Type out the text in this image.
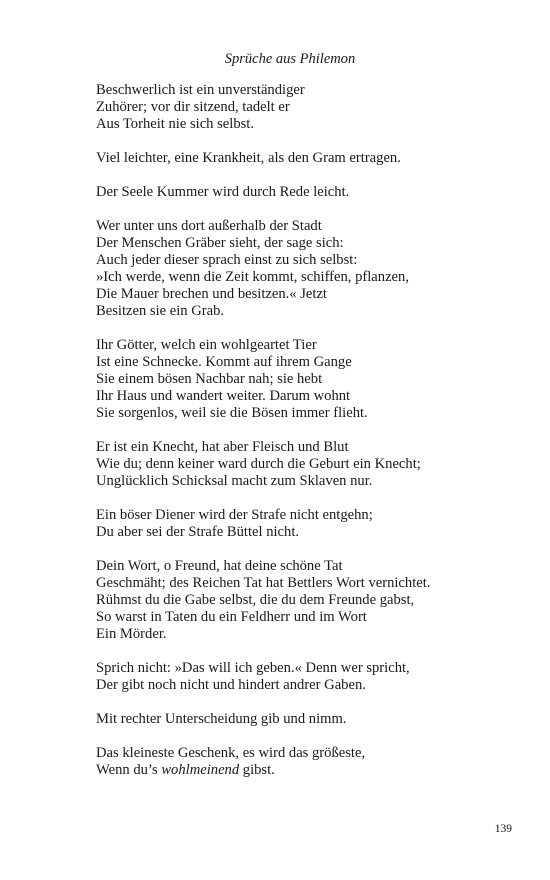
Sprüche aus Philemon
Beschwerlich ist ein unverständiger
Zuhörer; vor dir sitzend, tadelt er
Aus Torheit nie sich selbst.
Viel leichter, eine Krankheit, als den Gram ertragen.
Der Seele Kummer wird durch Rede leicht.
Wer unter uns dort außerhalb der Stadt
Der Menschen Gräber sieht, der sage sich:
Auch jeder dieser sprach einst zu sich selbst:
»Ich werde, wenn die Zeit kommt, schiffen, pflanzen,
Die Mauer brechen und besitzen.« Jetzt
Besitzen sie ein Grab.
Ihr Götter, welch ein wohlgeartet Tier
Ist eine Schnecke. Kommt auf ihrem Gange
Sie einem bösen Nachbar nah; sie hebt
Ihr Haus und wandert weiter. Darum wohnt
Sie sorgenlos, weil sie die Bösen immer flieht.
Er ist ein Knecht, hat aber Fleisch und Blut
Wie du; denn keiner ward durch die Geburt ein Knecht;
Unglücklich Schicksal macht zum Sklaven nur.
Ein böser Diener wird der Strafe nicht entgehn;
Du aber sei der Strafe Büttel nicht.
Dein Wort, o Freund, hat deine schöne Tat
Geschmäht; des Reichen Tat hat Bettlers Wort vernichtet.
Rühmst du die Gabe selbst, die du dem Freunde gabst,
So warst in Taten du ein Feldherr und im Wort
Ein Mörder.
Sprich nicht: »Das will ich geben.« Denn wer spricht,
Der gibt noch nicht und hindert andrer Gaben.
Mit rechter Unterscheidung gib und nimm.
Das kleineste Geschenk, es wird das größeste,
Wenn du’s wohlmeinend gibst.
139
